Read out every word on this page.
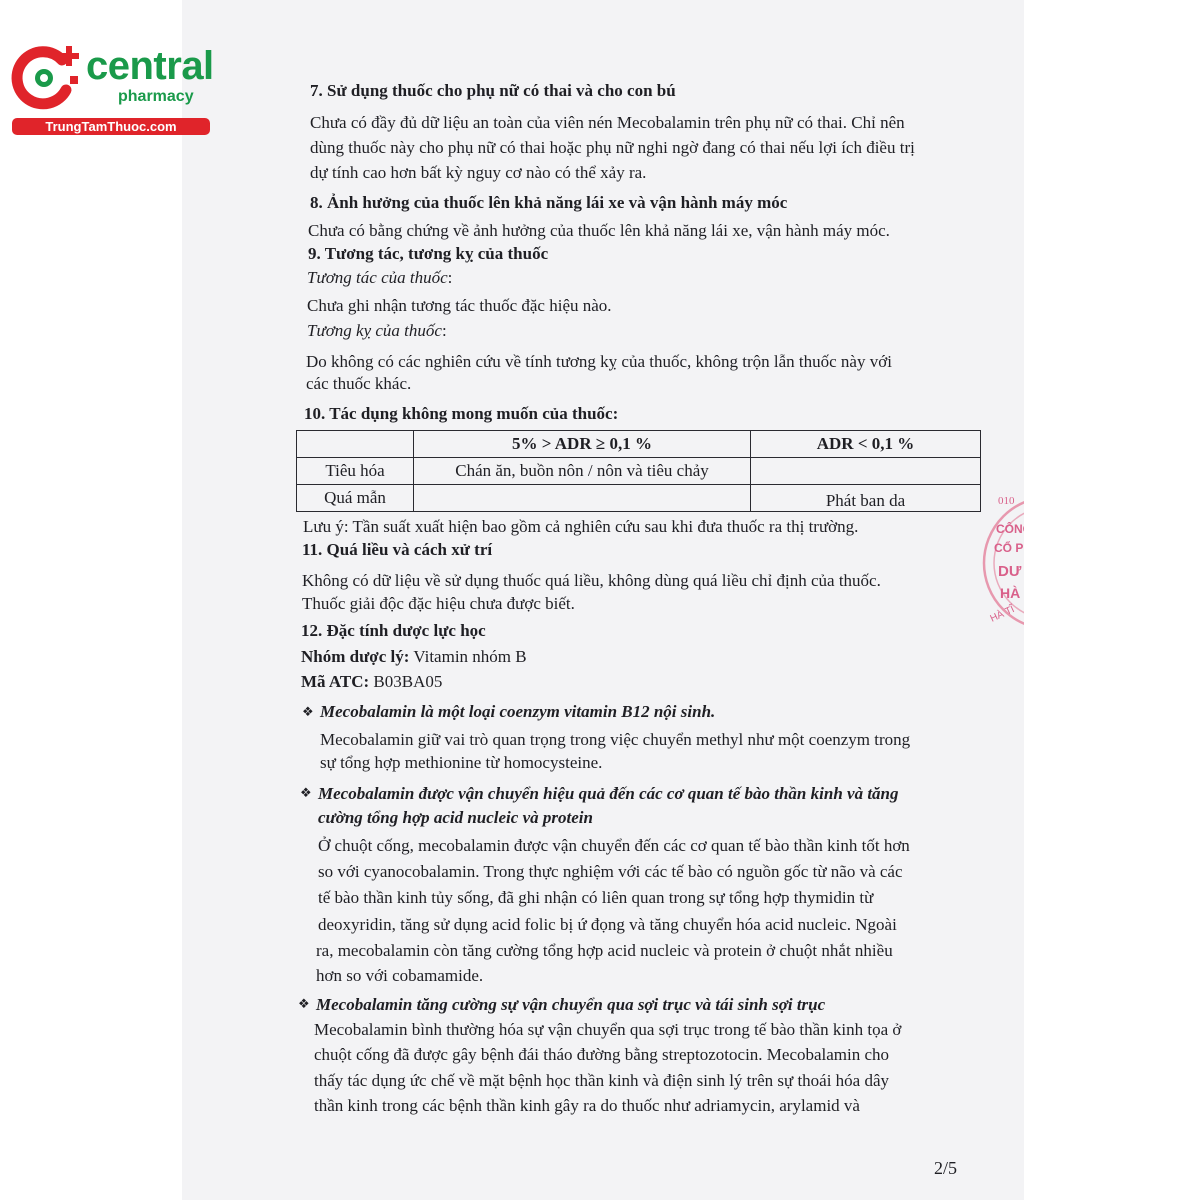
central
pharmacy
TrungTamThuoc.com
7. Sử dụng thuốc cho phụ nữ có thai và cho con bú
Chưa có đầy đủ dữ liệu an toàn của viên nén Mecobalamin trên phụ nữ có thai. Chỉ nên
dùng thuốc này cho phụ nữ có thai hoặc phụ nữ nghi ngờ đang có thai nếu lợi ích điều trị
dự tính cao hơn bất kỳ nguy cơ nào có thể xảy ra.
8. Ảnh hưởng của thuốc lên khả năng lái xe và vận hành máy móc
Chưa có bằng chứng về ảnh hưởng của thuốc lên khả năng lái xe, vận hành máy móc.
9. Tương tác, tương kỵ của thuốc
Tương tác của thuốc:
Chưa ghi nhận tương tác thuốc đặc hiệu nào.
Tương kỵ của thuốc:
Do không có các nghiên cứu về tính tương kỵ của thuốc, không trộn lẫn thuốc này với
các thuốc khác.
10. Tác dụng không mong muốn của thuốc:
	5% > ADR ≥ 0,1 %	ADR < 0,1 %
Tiêu hóa	Chán ăn, buồn nôn / nôn và tiêu chảy	
Quá mẫn		Phát ban da
Lưu ý: Tần suất xuất hiện bao gồm cả nghiên cứu sau khi đưa thuốc ra thị trường.
11. Quá liều và cách xử trí
Không có dữ liệu về sử dụng thuốc quá liều, không dùng quá liều chỉ định của thuốc.
Thuốc giải độc đặc hiệu chưa được biết.
12. Đặc tính dược lực học
Nhóm dược lý: Vitamin nhóm B
Mã ATC: B03BA05
❖ Mecobalamin là một loại coenzym vitamin B12 nội sinh.
Mecobalamin giữ vai trò quan trọng trong việc chuyển methyl như một coenzym trong
sự tổng hợp methionine từ homocysteine.
❖ Mecobalamin được vận chuyển hiệu quả đến các cơ quan tế bào thần kinh và tăng
cường tổng hợp acid nucleic và protein
Ở chuột cống, mecobalamin được vận chuyển đến các cơ quan tế bào thần kinh tốt hơn
so với cyanocobalamin. Trong thực nghiệm với các tế bào có nguồn gốc từ não và các
tế bào thần kinh tủy sống, đã ghi nhận có liên quan trong sự tổng hợp thymidin từ
deoxyridin, tăng sử dụng acid folic bị ứ đọng và tăng chuyển hóa acid nucleic. Ngoài
ra, mecobalamin còn tăng cường tổng hợp acid nucleic và protein ở chuột nhắt nhiều
hơn so với cobamamide.
❖ Mecobalamin tăng cường sự vận chuyển qua sợi trục và tái sinh sợi trục
Mecobalamin bình thường hóa sự vận chuyển qua sợi trục trong tế bào thần kinh tọa ở
chuột cống đã được gây bệnh đái tháo đường bằng streptozotocin. Mecobalamin cho
thấy tác dụng ức chế về mặt bệnh học thần kinh và điện sinh lý trên sự thoái hóa dây
thần kinh trong các bệnh thần kinh gây ra do thuốc như adriamycin, arylamid và
010
CÔNG
CỔ P
DƯ
HÀ
HÀ TĨ
2/5
